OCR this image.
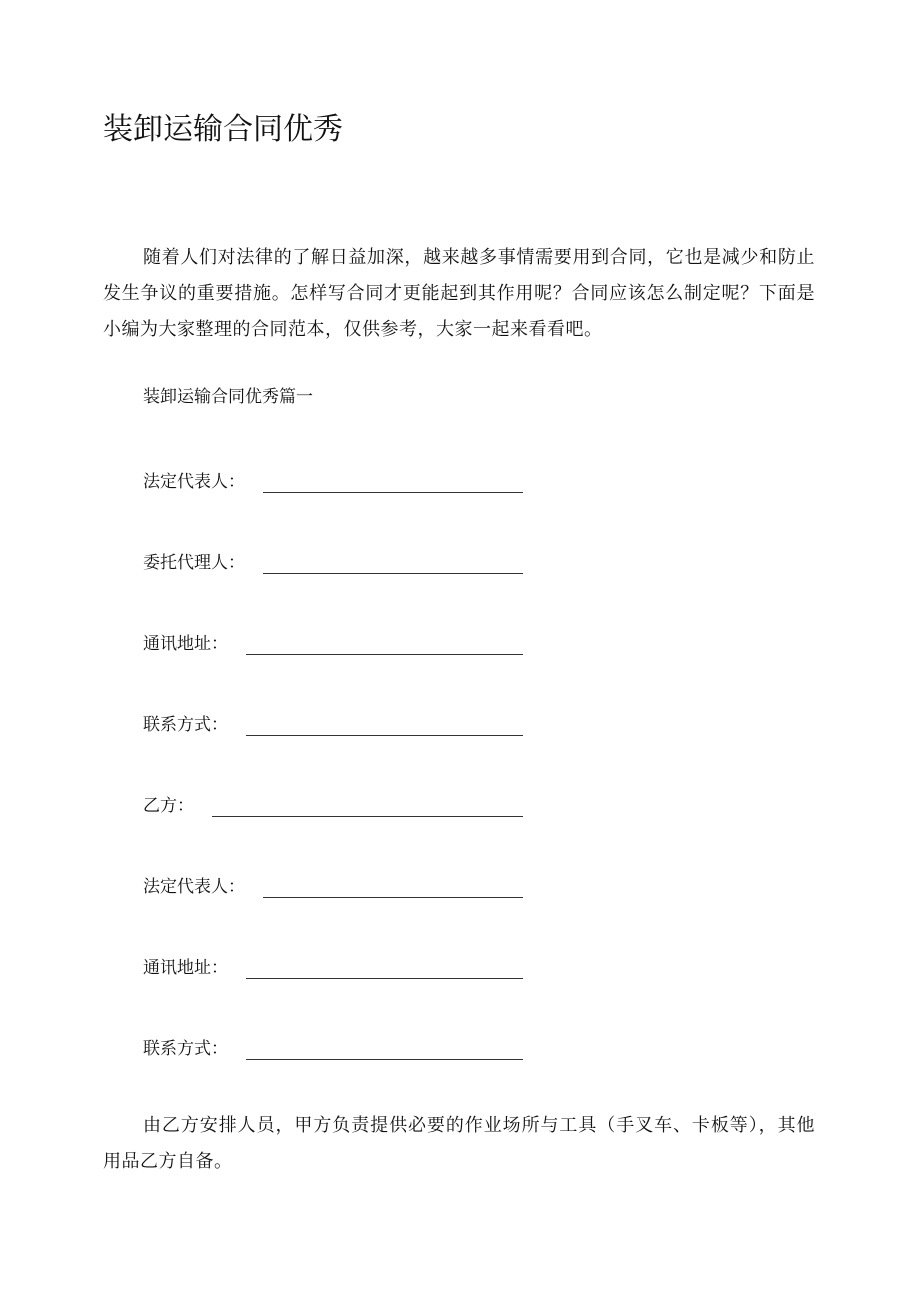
装卸运输合同优秀

随着人们对法律的了解日益加深，越来越多事情需要用到合同，它也是减少和防止发生争议的重要措施。怎样写合同才更能起到其作用呢？合同应该怎么制定呢？下面是小编为大家整理的合同范本，仅供参考，大家一起来看看吧。

装卸运输合同优秀篇一
法定代表人：
委托代理人：
通讯地址：
联系方式：
乙方：
法定代表人：
通讯地址：
联系方式：

由乙方安排人员，甲方负责提供必要的作业场所与工具（手叉车、卡板等），其他用品乙方自备。
